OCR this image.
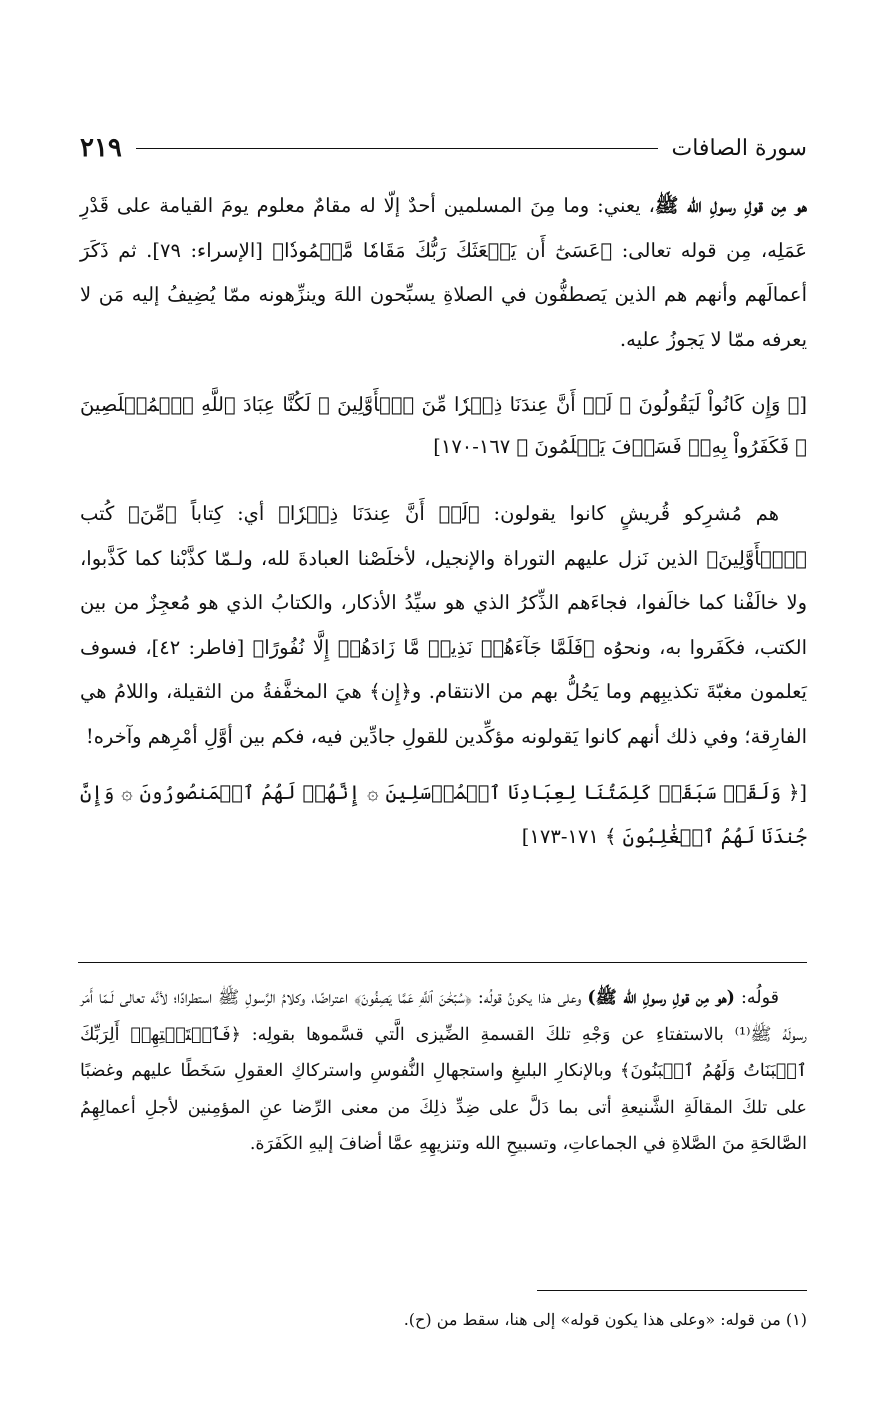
سورة الصافات
٢١٩

هو مِن قولِ رسولِ الله ﷺ، يعني: وما مِنَ المسلمين أحدٌ إلّا له مقامٌ معلوم يومَ القيامة على قَدْرِ عَمَلِه، مِن قوله تعالى: ﴿عَسَىٰٓ أَن يَبۡعَثَكَ رَبُّكَ مَقَامٗا مَّحۡمُودٗا﴾ [الإسراء: ٧٩]. ثم ذَكَرَ أعمالَهم وأنهم هم الذين يَصطفُّون في الصلاةِ يسبِّحون اللهَ وينزِّهونه ممّا يُضِيفُ إليه مَن لا يعرفه ممّا لا يَجوزُ عليه.

[﴿ وَإِن كَانُواْ لَيَقُولُونَ ۞ لَوۡ أَنَّ عِندَنَا ذِكۡرٗا مِّنَ ٱلۡأَوَّلِينَ ۞ لَكُنَّا عِبَادَ ٱللَّهِ ٱلۡمُخۡلَصِينَ ۞ فَكَفَرُواْ بِهِۦۖ فَسَوۡفَ يَعۡلَمُونَ ﴾ ١٦٧-١٧٠]

هم مُشرِكو قُريشٍ كانوا يقولون: ﴿لَوۡ أَنَّ عِندَنَا ذِكۡرٗا﴾ أي: كِتاباً ﴿مِّنَ﴾ كُتب ﴿ٱلۡأَوَّلِينَ﴾ الذين نَزل عليهم التوراة والإنجيل، لأخلَصْنا العبادةَ لله، ولـمّا كذَّبْنا كما كَذَّبوا، ولا خالَفْنا كما خالَفوا، فجاءَهم الذِّكرُ الذي هو سيِّدُ الأذكار، والكتابُ الذي هو مُعجِزٌ من بين الكتب، فكَفَروا به، ونحوُه ﴿فَلَمَّا جَآءَهُمۡ نَذِيرٞ مَّا زَادَهُمۡ إِلَّا نُفُورًا﴾ [فاطر: ٤٢]، فسوف يَعلمون مغبّةَ تكذيبِهم وما يَحُلُّ بهم من الانتقام. و﴿إِن﴾ هيَ المخفَّفةُ من الثقيلة، واللامُ هي الفارِقة؛ وفي ذلك أنهم كانوا يَقولونه مؤكِّدين للقولِ جادِّين فيه، فكم بين أوَّلِ أمْرِهم وآخره!

[﴿ وَلَقَدۡ سَبَقَتۡ كَلِمَتُنَا لِعِبَادِنَا ٱلۡمُرۡسَلِينَ ۞ إِنَّهُمۡ لَهُمُ ٱلۡمَنصُورُونَ ۞ وَإِنَّ جُندَنَا لَهُمُ ٱلۡغَٰلِبُونَ ﴾ ١٧١-١٧٣]

قولُه: (هو مِن قولِ رسولِ الله ﷺ) وعلى هذا يكونُ قولُه: ﴿سُبۡحَٰنَ ٱللَّهِ عَمَّا يَصِفُونَ﴾ اعتراضًا، وكلامُ الرَّسولِ ﷺ استطرادًا؛ لأنَّه تعالى لَـمّا أَمَر رسولَهُ ﷺ⁽¹⁾ بالاستفتاءِ عن وَجْهِ تلكَ القسمةِ الضِّيزى الَّتي قسَّموها بقولِه: ﴿فَٱسۡتَفۡتِهِمۡ أَلِرَبِّكَ ٱلۡبَنَاتُ وَلَهُمُ ٱلۡبَنُونَ﴾ وبالإنكارِ البليغِ واستجهالِ النُّفوسِ واستركاكِ العقولِ سَخَطًا عليهم وغضبًا على تلكَ المقالَةِ الشَّنيعةِ أتى بما دَلَّ على ضِدِّ ذلِكَ من معنى الرِّضا عنِ المؤمِنين لأجلِ أعمالِهِمُ الصَّالحَةِ منَ الصَّلاةِ في الجماعاتِ، وتسبيحِ الله وتنزيهِهِ عمَّا أضافَ إليهِ الكَفَرَة.

(١) من قوله: «وعلى هذا يكون قوله» إلى هنا، سقط من (ح).
